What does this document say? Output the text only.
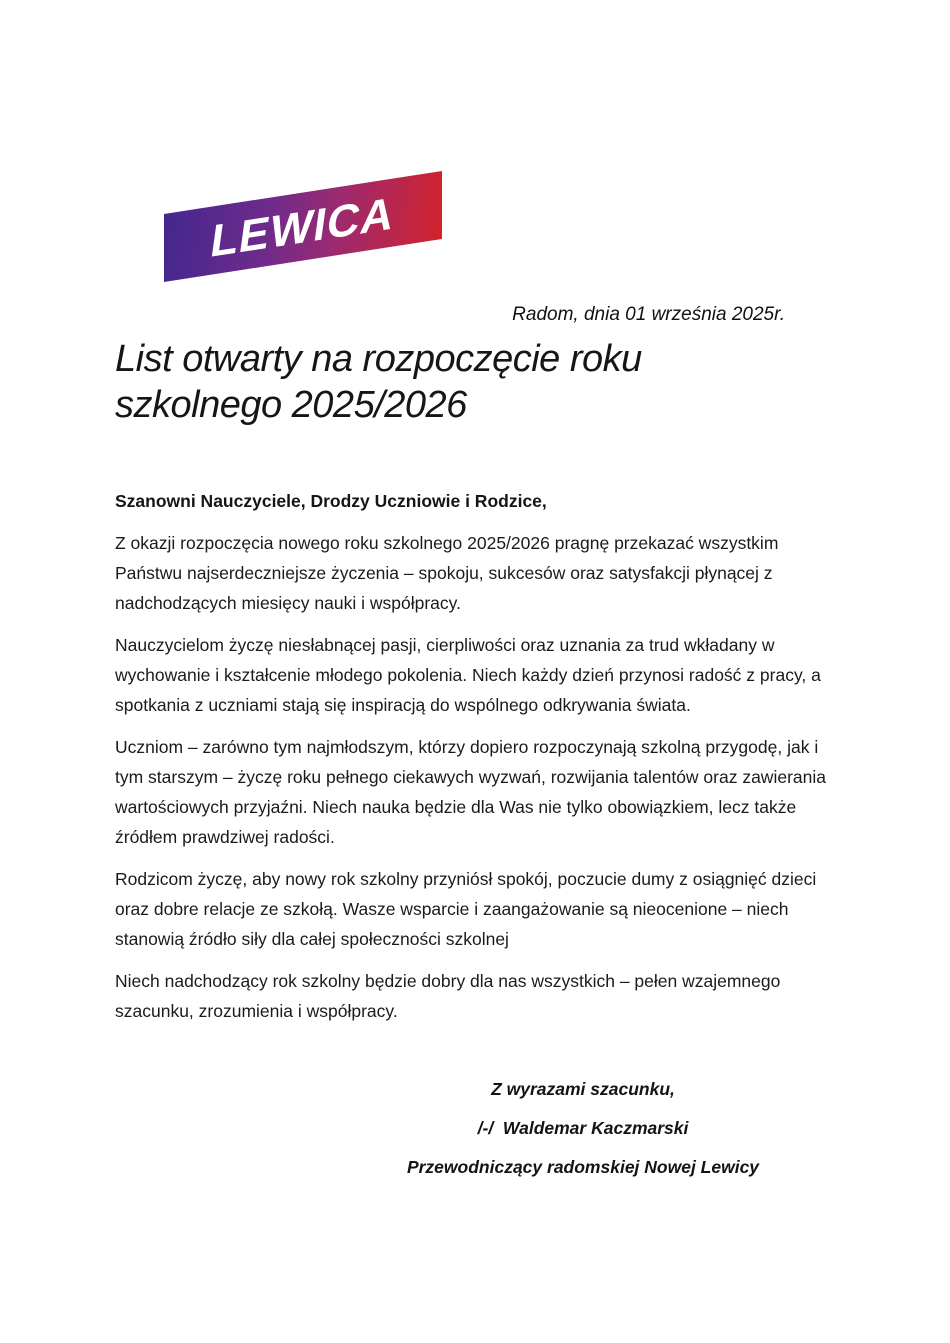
LEWICA

Radom, dnia 01 września 2025r.

List otwarty na rozpoczęcie roku szkolnego 2025/2026

Szanowni Nauczyciele, Drodzy Uczniowie i Rodzice,

Z okazji rozpoczęcia nowego roku szkolnego 2025/2026 pragnę przekazać wszystkim Państwu najserdeczniejsze życzenia – spokoju, sukcesów oraz satysfakcji płynącej z nadchodzących miesięcy nauki i współpracy.

Nauczycielom życzę niesłabnącej pasji, cierpliwości oraz uznania za trud wkładany w wychowanie i kształcenie młodego pokolenia. Niech każdy dzień przynosi radość z pracy, a spotkania z uczniami stają się inspiracją do wspólnego odkrywania świata.

Uczniom – zarówno tym najmłodszym, którzy dopiero rozpoczynają szkolną przygodę, jak i tym starszym – życzę roku pełnego ciekawych wyzwań, rozwijania talentów oraz zawierania wartościowych przyjaźni. Niech nauka będzie dla Was nie tylko obowiązkiem, lecz także źródłem prawdziwej radości.

Rodzicom życzę, aby nowy rok szkolny przyniósł spokój, poczucie dumy z osiągnięć dzieci oraz dobre relacje ze szkołą. Wasze wsparcie i zaangażowanie są nieocenione – niech stanowią źródło siły dla całej społeczności szkolnej

Niech nadchodzący rok szkolny będzie dobry dla nas wszystkich – pełen wzajemnego szacunku, zrozumienia i współpracy.

Z wyrazami szacunku,

/-/  Waldemar Kaczmarski

Przewodniczący radomskiej Nowej Lewicy
